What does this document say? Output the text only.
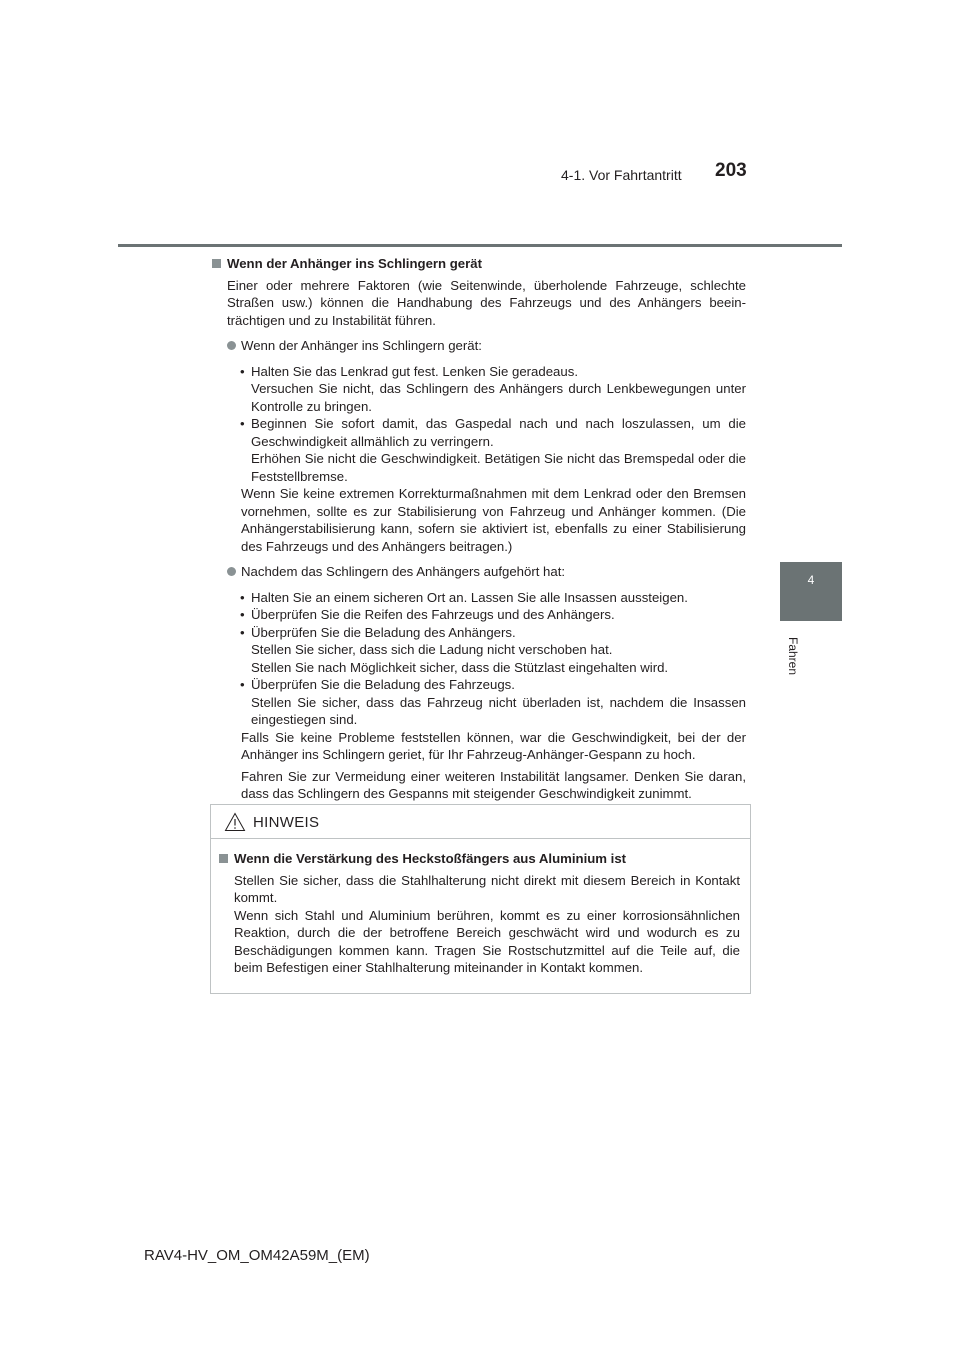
4-1. Vor Fahrtantritt 203
4
Fahren

Wenn der Anhänger ins Schlingern gerät

Einer oder mehrere Faktoren (wie Seitenwinde, überholende Fahrzeuge, schlechte Straßen usw.) können die Handhabung des Fahrzeugs und des Anhängers beeinträchtigen und zu Instabilität führen.

Wenn der Anhänger ins Schlingern gerät:

• Halten Sie das Lenkrad gut fest. Lenken Sie geradeaus.

Versuchen Sie nicht, das Schlingern des Anhängers durch Lenkbewegungen unter Kontrolle zu bringen.

• Beginnen Sie sofort damit, das Gaspedal nach und nach loszulassen, um die Geschwindigkeit allmählich zu verringern.

Erhöhen Sie nicht die Geschwindigkeit. Betätigen Sie nicht das Bremspedal oder die Feststellbremse.

Wenn Sie keine extremen Korrekturmaßnahmen mit dem Lenkrad oder den Bremsen vornehmen, sollte es zur Stabilisierung von Fahrzeug und Anhänger kommen. (Die Anhängerstabilisierung kann, sofern sie aktiviert ist, ebenfalls zu einer Stabilisierung des Fahrzeugs und des Anhängers beitragen.)

Nachdem das Schlingern des Anhängers aufgehört hat:

• Halten Sie an einem sicheren Ort an. Lassen Sie alle Insassen aussteigen.

• Überprüfen Sie die Reifen des Fahrzeugs und des Anhängers.

• Überprüfen Sie die Beladung des Anhängers.

Stellen Sie sicher, dass sich die Ladung nicht verschoben hat.

Stellen Sie nach Möglichkeit sicher, dass die Stützlast eingehalten wird.

• Überprüfen Sie die Beladung des Fahrzeugs.

Stellen Sie sicher, dass das Fahrzeug nicht überladen ist, nachdem die Insassen eingestiegen sind.

Falls Sie keine Probleme feststellen können, war die Geschwindigkeit, bei der der Anhänger ins Schlingern geriet, für Ihr Fahrzeug-Anhänger-Gespann zu hoch.

Fahren Sie zur Vermeidung einer weiteren Instabilität langsamer. Denken Sie daran, dass das Schlingern des Gespanns mit steigender Geschwindigkeit zunimmt.

HINWEIS

Wenn die Verstärkung des Heckstoßfängers aus Aluminium ist

Stellen Sie sicher, dass die Stahlhalterung nicht direkt mit diesem Bereich in Kontakt kommt.

Wenn sich Stahl und Aluminium berühren, kommt es zu einer korrosionsähnlichen Reaktion, durch die der betroffene Bereich geschwächt wird und wodurch es zu Beschädigungen kommen kann. Tragen Sie Rostschutzmittel auf die Teile auf, die beim Befestigen einer Stahlhalterung miteinander in Kontakt kommen.

RAV4-HV_OM_OM42A59M_(EM)
